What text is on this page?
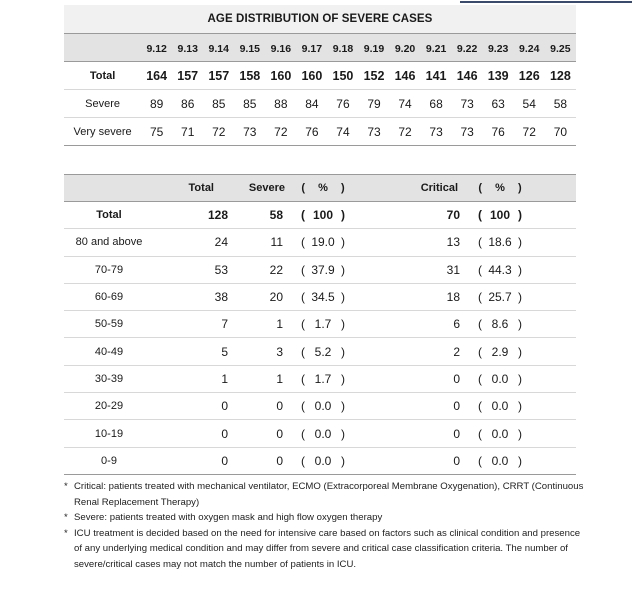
AGE DISTRIBUTION OF SEVERE CASES
	9.12	9.13	9.14	9.15	9.16	9.17	9.18	9.19	9.20	9.21	9.22	9.23	9.24	9.25
Total	164	157	157	158	160	160	150	152	146	141	146	139	126	128
Severe	89	86	85	85	88	84	76	79	74	68	73	63	54	58
Very severe	75	71	72	73	72	76	74	73	72	73	73	76	72	70
	Total	Severe	(	%	)	Critical	(	%	)
Total	128	58	(	100	)	70	(	100	)
80 and above	24	11	(	19.0	)	13	(	18.6	)
70-79	53	22	(	37.9	)	31	(	44.3	)
60-69	38	20	(	34.5	)	18	(	25.7	)
50-59	7	1	(	1.7	)	6	(	8.6	)
40-49	5	3	(	5.2	)	2	(	2.9	)
30-39	1	1	(	1.7	)	0	(	0.0	)
20-29	0	0	(	0.0	)	0	(	0.0	)
10-19	0	0	(	0.0	)	0	(	0.0	)
0-9	0	0	(	0.0	)	0	(	0.0	)
* Critical: patients treated with mechanical ventilator, ECMO (Extracorporeal Membrane Oxygenation), CRRT (Continuous Renal Replacement Therapy)
* Severe: patients treated with oxygen mask and high flow oxygen therapy
* ICU treatment is decided based on the need for intensive care based on factors such as clinical condition and presence of any underlying medical condition and may differ from severe and critical case classification criteria. The number of severe/critical cases may not match the number of patients in ICU.
